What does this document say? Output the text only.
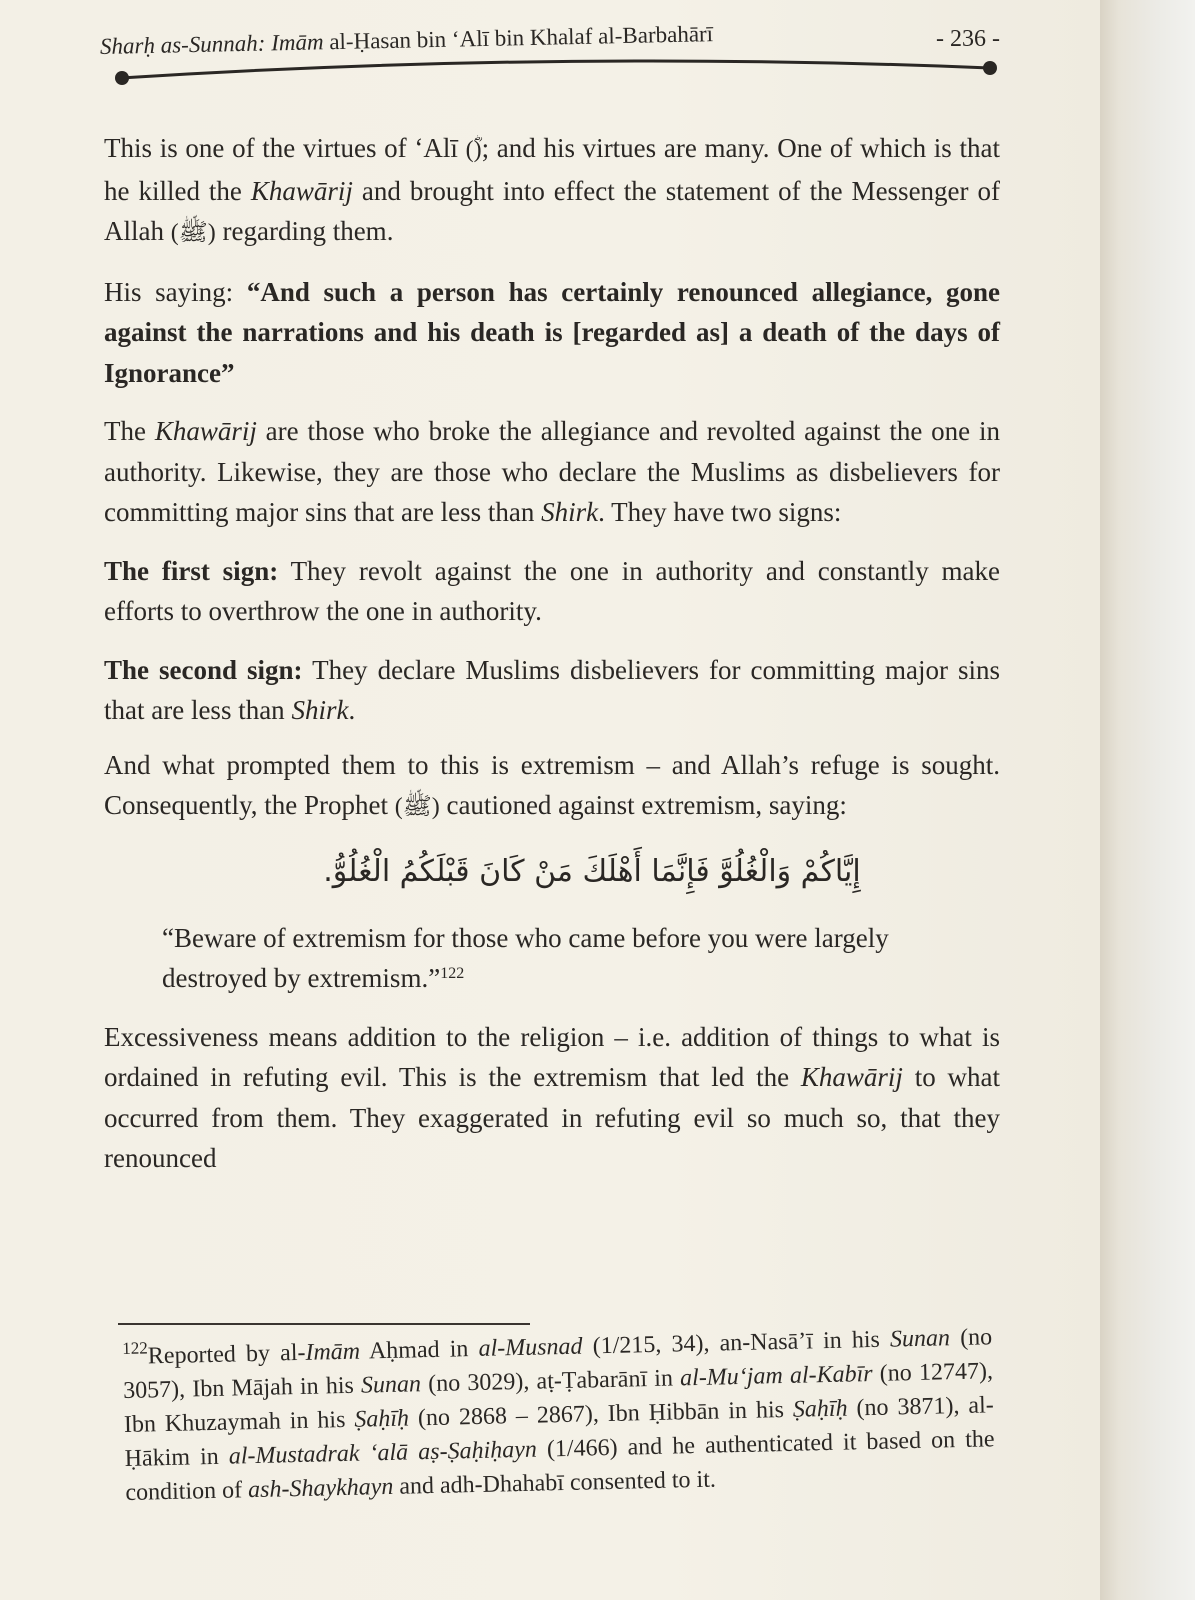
Sharḥ as-Sunnah: Imām al-Ḥasan bin ‘Alī bin Khalaf al-Barbahārī	- 236 -

This is one of the virtues of ‘Alī (‎ؓ); and his virtues are many. One of which is that he killed the Khawārij and brought into effect the statement of the Messenger of Allah (ﷺ) regarding them.

His saying: “And such a person has certainly renounced allegiance, gone against the narrations and his death is [regarded as] a death of the days of Ignorance”

The Khawārij are those who broke the allegiance and revolted against the one in authority. Likewise, they are those who declare the Muslims as disbelievers for committing major sins that are less than Shirk. They have two signs:

The first sign: They revolt against the one in authority and constantly make efforts to overthrow the one in authority.

The second sign: They declare Muslims disbelievers for committing major sins that are less than Shirk.

And what prompted them to this is extremism – and Allah’s refuge is sought. Consequently, the Prophet (ﷺ) cautioned against extremism, saying:

إِيَّاكُمْ وَالْغُلُوَّ فَإِنَّمَا أَهْلَكَ مَنْ كَانَ قَبْلَكُمُ الْغُلُوُّ.

“Beware of extremism for those who came before you were largely destroyed by extremism.”$^{122}$

Excessiveness means addition to the religion – i.e. addition of things to what is ordained in refuting evil. This is the extremism that led the Khawārij to what occurred from them. They exaggerated in refuting evil so much so, that they renounced

$^{122}$Reported by al-Imām Aḥmad in al-Musnad (1/215, 34), an-Nasā’ī in his Sunan (no 3057), Ibn Mājah in his Sunan (no 3029), aṭ-Ṭabarānī in al-Mu‘jam al-Kabīr (no 12747), Ibn Khuzaymah in his Ṣaḥīḥ (no 2868 – 2867), Ibn Ḥibbān in his Ṣaḥīḥ (no 3871), al-Ḥākim in al-Mustadrak ‘alā aṣ-Ṣaḥiḥayn (1/466) and he authenticated it based on the condition of ash-Shaykhayn and adh-Dhahabī consented to it.
